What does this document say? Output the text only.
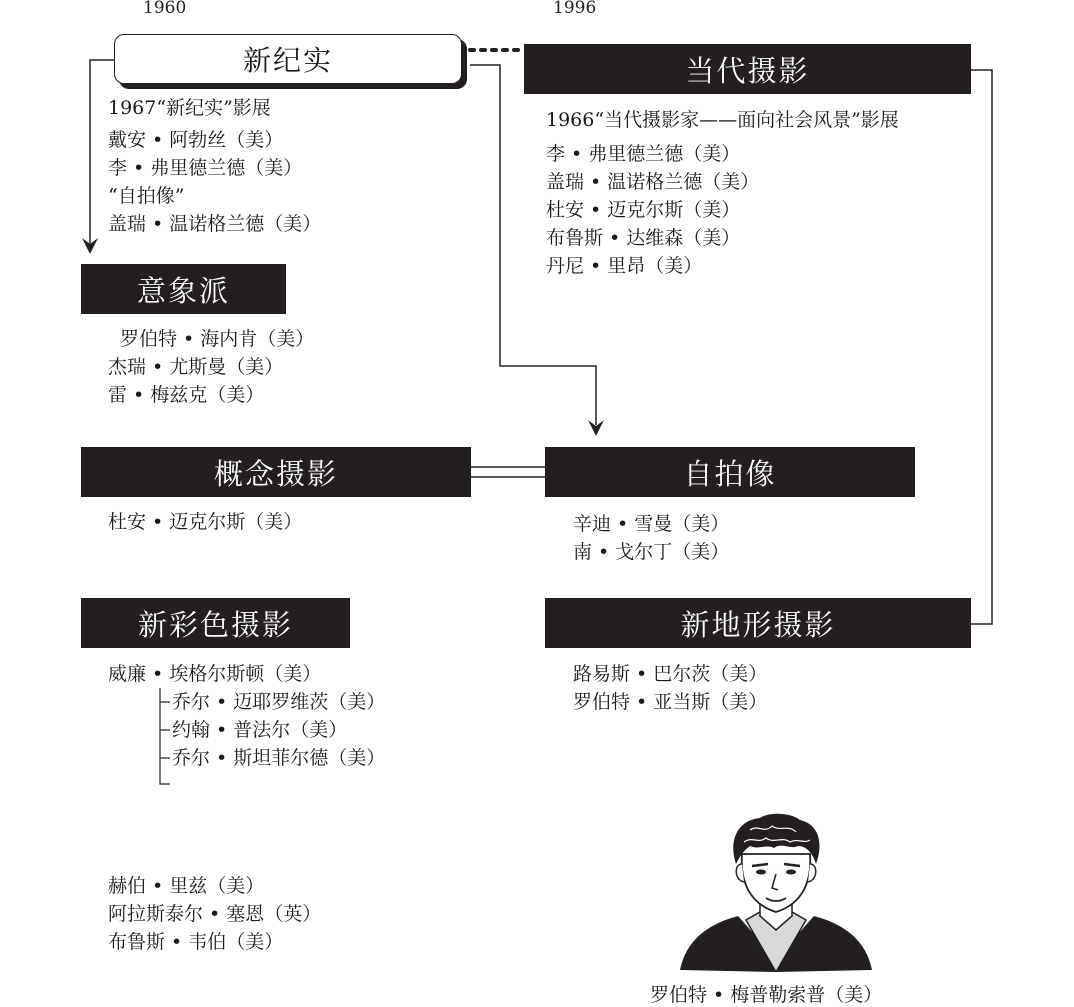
1960	1996
新纪实
1967“新纪实”影展
戴安 • 阿勃丝（美）
李 • 弗里德兰德（美）
“自拍像”
盖瑞 • 温诺格兰德（美）
当代摄影
1966“当代摄影家——面向社会风景”影展
李 • 弗里德兰德（美）
盖瑞 • 温诺格兰德（美）
杜安 • 迈克尔斯（美）
布鲁斯 • 达维森（美）
丹尼 • 里昂（美）
意象派
罗伯特 • 海内肯（美）
杰瑞 • 尤斯曼（美）
雷 • 梅兹克（美）
概念摄影
杜安 • 迈克尔斯（美）
自拍像
辛迪 • 雪曼（美）
南 • 戈尔丁（美）
新彩色摄影
威廉 • 埃格尔斯顿（美）
乔尔 • 迈耶罗维茨（美）
约翰 • 普法尔（美）
乔尔 • 斯坦菲尔德（美）
新地形摄影
路易斯 • 巴尔茨（美）
罗伯特 • 亚当斯（美）
赫伯 • 里兹（美）
阿拉斯泰尔 • 塞恩（英）
布鲁斯 • 韦伯（美）
罗伯特 • 梅普勒索普（美）
